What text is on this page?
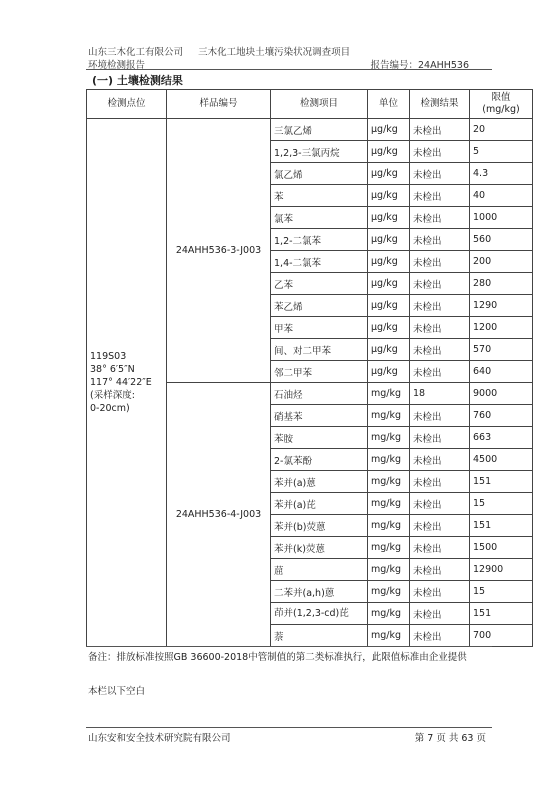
山东三木化工有限公司 三木化工地块土壤污染状况调查项目
环境检测报告	报告编号：24AHH536
(一) 土壤检测结果
检测点位	样品编号	检测项目	单位	检测结果	限值
(mg/kg)
119S03
38° 6′5″N
117° 44′22″E
(采样深度:
0-20cm)	24AHH536-3-J003	三氯乙烯	μg/kg	未检出	20
		1,2,3-三氯丙烷	μg/kg	未检出	5
		氯乙烯	μg/kg	未检出	4.3
		苯	μg/kg	未检出	40
		氯苯	μg/kg	未检出	1000
		1,2-二氯苯	μg/kg	未检出	560
		1,4-二氯苯	μg/kg	未检出	200
		乙苯	μg/kg	未检出	280
		苯乙烯	μg/kg	未检出	1290
		甲苯	μg/kg	未检出	1200
		间、对二甲苯	μg/kg	未检出	570
		邻二甲苯	μg/kg	未检出	640
	24AHH536-4-J003	石油烃	mg/kg	18	9000
		硝基苯	mg/kg	未检出	760
		苯胺	mg/kg	未检出	663
		2-氯苯酚	mg/kg	未检出	4500
		苯并(a)蒽	mg/kg	未检出	151
		苯并(a)芘	mg/kg	未检出	15
		苯并(b)荧蒽	mg/kg	未检出	151
		苯并(k)荧蒽	mg/kg	未检出	1500
		䓛	mg/kg	未检出	12900
		二苯并(a,h)蒽	mg/kg	未检出	15
		茚并(1,2,3-cd)芘	mg/kg	未检出	151
		萘	mg/kg	未检出	700
备注：排放标准按照GB 36600-2018中管制值的第二类标准执行，此限值标准由企业提供
本栏以下空白
山东安和安全技术研究院有限公司	第 7 页 共 63 页
